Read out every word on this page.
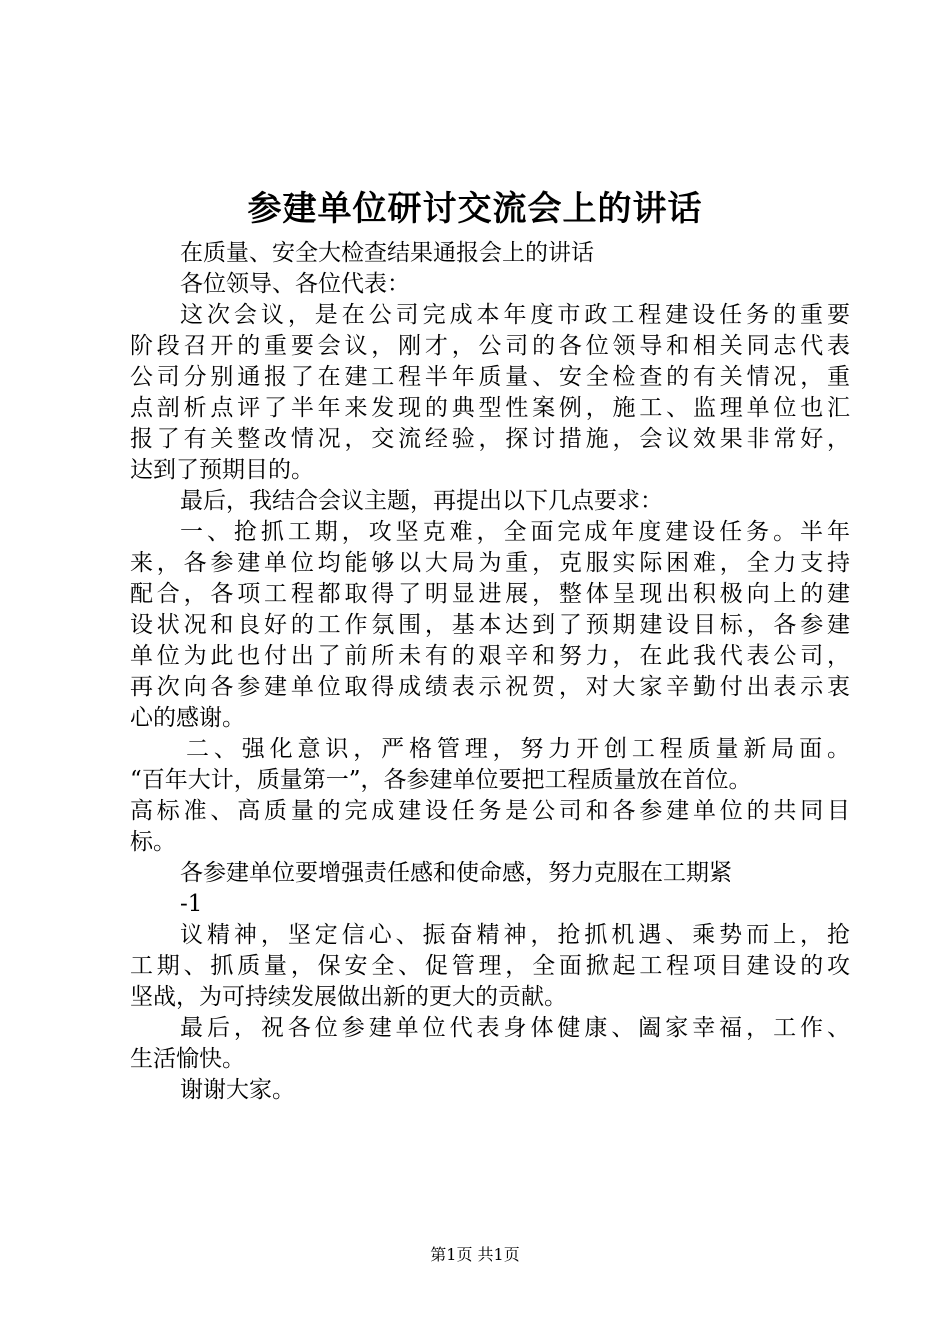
参建单位研讨交流会上的讲话
在质量、安全大检查结果通报会上的讲话
各位领导、各位代表：
这次会议，是在公司完成本年度市政工程建设任务的重要
阶段召开的重要会议，刚才，公司的各位领导和相关同志代表
公司分别通报了在建工程半年质量、安全检查的有关情况，重
点剖析点评了半年来发现的典型性案例，施工、监理单位也汇
报了有关整改情况，交流经验，探讨措施，会议效果非常好，
达到了预期目的。
最后，我结合会议主题，再提出以下几点要求：
一、抢抓工期，攻坚克难，全面完成年度建设任务。半年
来，各参建单位均能够以大局为重，克服实际困难，全力支持
配合，各项工程都取得了明显进展，整体呈现出积极向上的建
设状况和良好的工作氛围，基本达到了预期建设目标，各参建
单位为此也付出了前所未有的艰辛和努力，在此我代表公司，
再次向各参建单位取得成绩表示祝贺，对大家辛勤付出表示衷
心的感谢。
二、强化意识，严格管理，努力开创工程质量新局面。
“百年大计，质量第一”，各参建单位要把工程质量放在首位。
高标准、高质量的完成建设任务是公司和各参建单位的共同目
标。
各参建单位要增强责任感和使命感，努力克服在工期紧
-1
议精神，坚定信心、振奋精神，抢抓机遇、乘势而上，抢
工期、抓质量，保安全、促管理，全面掀起工程项目建设的攻
坚战，为可持续发展做出新的更大的贡献。
最后，祝各位参建单位代表身体健康、阖家幸福，工作、
生活愉快。
谢谢大家。
第1页 共1页
